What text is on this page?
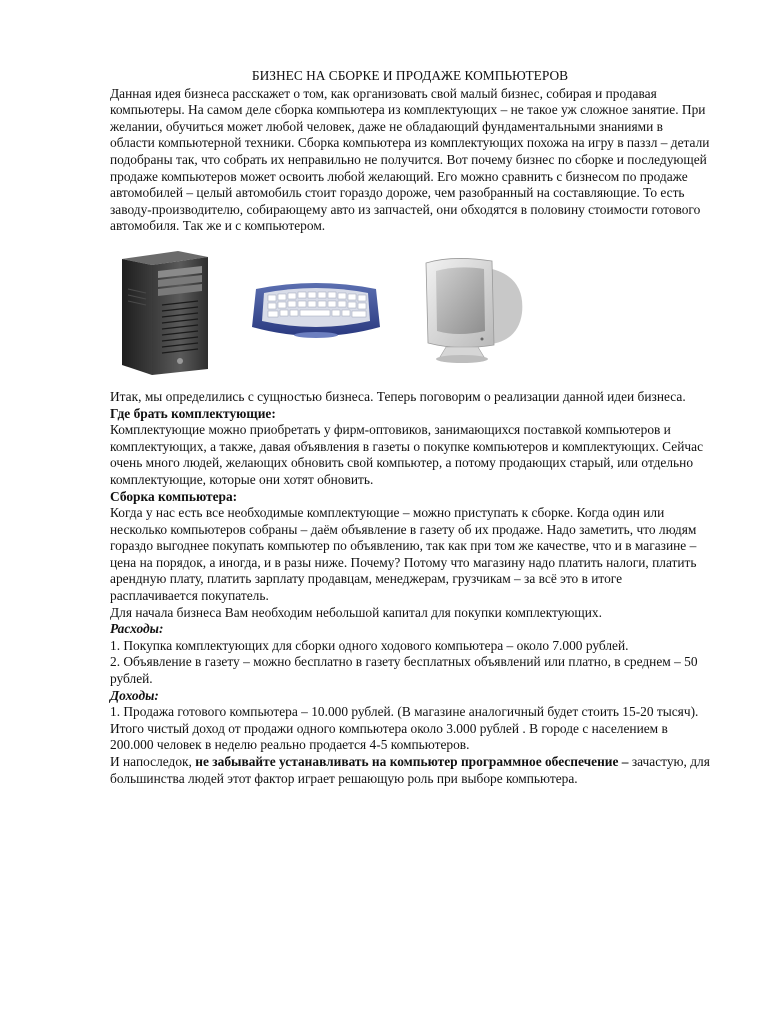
БИЗНЕС НА СБОРКЕ И ПРОДАЖЕ КОМПЬЮТЕРОВ

Данная идея бизнеса расскажет о том, как организовать свой малый бизнес, собирая и продавая компьютеры. На самом деле сборка компьютера из комплектующих – не такое уж сложное занятие. При желании, обучиться может любой человек, даже не обладающий фундаментальными знаниями в области компьютерной техники. Сборка компьютера из комплектующих похожа на игру в паззл – детали подобраны так, что собрать их неправильно не получится. Вот почему бизнес по сборке и последующей продаже компьютеров может освоить любой желающий. Его можно сравнить с бизнесом по продаже автомобилей – целый автомобиль стоит гораздо дороже, чем разобранный на составляющие. То есть заводу-производителю, собирающему авто из запчастей, они обходятся в половину стоимости готового автомобиля. Так же и с компьютером.

Итак, мы определились с сущностью бизнеса. Теперь поговорим о реализации данной идеи бизнеса.

Где брать комплектующие:

Комплектующие можно приобретать у фирм-оптовиков, занимающихся поставкой компьютеров и комплектующих, а также, давая объявления в газеты о покупке компьютеров и комплектующих. Сейчас очень много людей, желающих обновить свой компьютер, а потому продающих старый, или отдельно комплектующие, которые они хотят обновить.

Сборка компьютера:

Когда у нас есть все необходимые комплектующие – можно приступать к сборке. Когда один или несколько компьютеров собраны – даём объявление в газету об их продаже. Надо заметить, что людям гораздо выгоднее покупать компьютер по объявлению, так как при том же качестве, что и в магазине – цена на порядок, а иногда, и в разы ниже. Почему? Потому что магазину надо платить налоги, платить арендную плату, платить зарплату продавцам, менеджерам, грузчикам – за всё это в итоге расплачивается покупатель.

Для начала бизнеса Вам необходим небольшой капитал для покупки комплектующих.

Расходы:

1. Покупка комплектующих для сборки одного ходового компьютера – около 7.000 рублей.

2. Объявление в газету – можно бесплатно в газету бесплатных объявлений или платно, в среднем – 50 рублей.

Доходы:

1. Продажа готового компьютера – 10.000 рублей. (В магазине аналогичный будет стоить 15-20 тысяч).

Итого чистый доход от продажи одного компьютера около 3.000 рублей . В городе с населением в 200.000 человек в неделю реально продается 4-5 компьютеров.

И напоследок, не забывайте устанавливать на компьютер программное обеспечение – зачастую, для большинства людей этот фактор играет решающую роль при выборе компьютера.
